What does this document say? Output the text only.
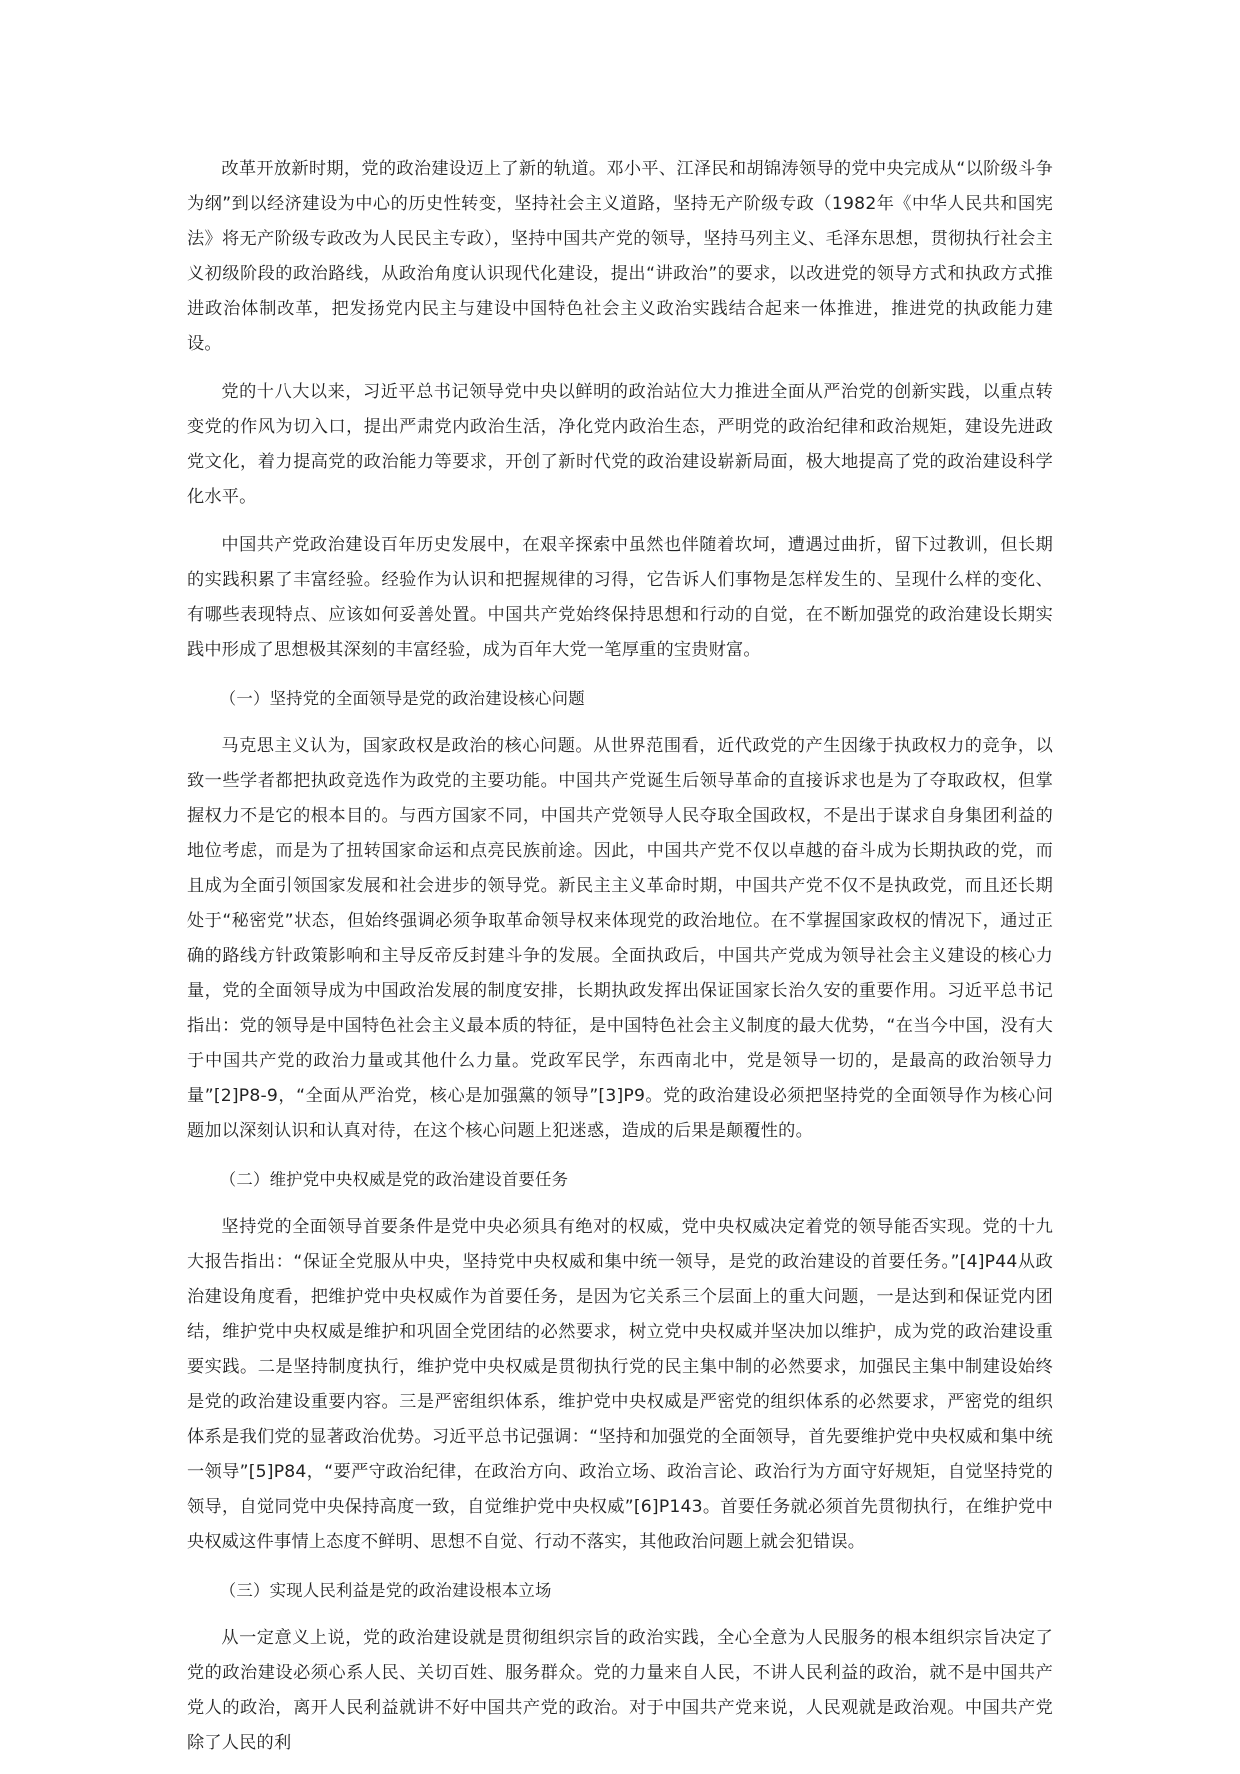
改革开放新时期，党的政治建设迈上了新的轨道。邓小平、江泽民和胡锦涛领导的党中央完成从“以阶级斗争为纲”到以经济建设为中心的历史性转变，坚持社会主义道路，坚持无产阶级专政（1982年《中华人民共和国宪法》将无产阶级专政改为人民民主专政），坚持中国共产党的领导，坚持马列主义、毛泽东思想，贯彻执行社会主义初级阶段的政治路线，从政治角度认识现代化建设，提出“讲政治”的要求，以改进党的领导方式和执政方式推进政治体制改革，把发扬党内民主与建设中国特色社会主义政治实践结合起来一体推进，推进党的执政能力建设。

党的十八大以来，习近平总书记领导党中央以鲜明的政治站位大力推进全面从严治党的创新实践，以重点转变党的作风为切入口，提出严肃党内政治生活，净化党内政治生态，严明党的政治纪律和政治规矩，建设先进政党文化，着力提高党的政治能力等要求，开创了新时代党的政治建设崭新局面，极大地提高了党的政治建设科学化水平。

中国共产党政治建设百年历史发展中，在艰辛探索中虽然也伴随着坎坷，遭遇过曲折，留下过教训，但长期的实践积累了丰富经验。经验作为认识和把握规律的习得，它告诉人们事物是怎样发生的、呈现什么样的变化、有哪些表现特点、应该如何妥善处置。中国共产党始终保持思想和行动的自觉，在不断加强党的政治建设长期实践中形成了思想极其深刻的丰富经验，成为百年大党一笔厚重的宝贵财富。

（一）坚持党的全面领导是党的政治建设核心问题

马克思主义认为，国家政权是政治的核心问题。从世界范围看，近代政党的产生因缘于执政权力的竞争，以致一些学者都把执政竞选作为政党的主要功能。中国共产党诞生后领导革命的直接诉求也是为了夺取政权，但掌握权力不是它的根本目的。与西方国家不同，中国共产党领导人民夺取全国政权，不是出于谋求自身集团利益的地位考虑，而是为了扭转国家命运和点亮民族前途。因此，中国共产党不仅以卓越的奋斗成为长期执政的党，而且成为全面引领国家发展和社会进步的领导党。新民主主义革命时期，中国共产党不仅不是执政党，而且还长期处于“秘密党”状态，但始终强调必须争取革命领导权来体现党的政治地位。在不掌握国家政权的情况下，通过正确的路线方针政策影响和主导反帝反封建斗争的发展。全面执政后，中国共产党成为领导社会主义建设的核心力量，党的全面领导成为中国政治发展的制度安排，长期执政发挥出保证国家长治久安的重要作用。习近平总书记指出：党的领导是中国特色社会主义最本质的特征，是中国特色社会主义制度的最大优势，“在当今中国，没有大于中国共产党的政治力量或其他什么力量。党政军民学，东西南北中，党是领导一切的，是最高的政治领导力量”[2]P8-9，“全面从严治党，核心是加强黨的领导”[3]P9。党的政治建设必须把坚持党的全面领导作为核心问题加以深刻认识和认真对待，在这个核心问题上犯迷惑，造成的后果是颠覆性的。

（二）维护党中央权威是党的政治建设首要任务

坚持党的全面领导首要条件是党中央必须具有绝对的权威，党中央权威决定着党的领导能否实现。党的十九大报告指出：“保证全党服从中央，坚持党中央权威和集中统一领导，是党的政治建设的首要任务。”[4]P44从政治建设角度看，把维护党中央权威作为首要任务，是因为它关系三个层面上的重大问题，一是达到和保证党内团结，维护党中央权威是维护和巩固全党团结的必然要求，树立党中央权威并坚决加以维护，成为党的政治建设重要实践。二是坚持制度执行，维护党中央权威是贯彻执行党的民主集中制的必然要求，加强民主集中制建设始终是党的政治建设重要内容。三是严密组织体系，维护党中央权威是严密党的组织体系的必然要求，严密党的组织体系是我们党的显著政治优势。习近平总书记强调：“坚持和加强党的全面领导，首先要维护党中央权威和集中统一领导”[5]P84，“要严守政治纪律，在政治方向、政治立场、政治言论、政治行为方面守好规矩，自觉坚持党的领导，自觉同党中央保持高度一致，自觉维护党中央权威”[6]P143。首要任务就必须首先贯彻执行，在维护党中央权威这件事情上态度不鲜明、思想不自觉、行动不落实，其他政治问题上就会犯错误。

（三）实现人民利益是党的政治建设根本立场

从一定意义上说，党的政治建设就是贯彻组织宗旨的政治实践，全心全意为人民服务的根本组织宗旨决定了党的政治建设必须心系人民、关切百姓、服务群众。党的力量来自人民，不讲人民利益的政治，就不是中国共产党人的政治，离开人民利益就讲不好中国共产党的政治。对于中国共产党来说，人民观就是政治观。中国共产党除了人民的利
